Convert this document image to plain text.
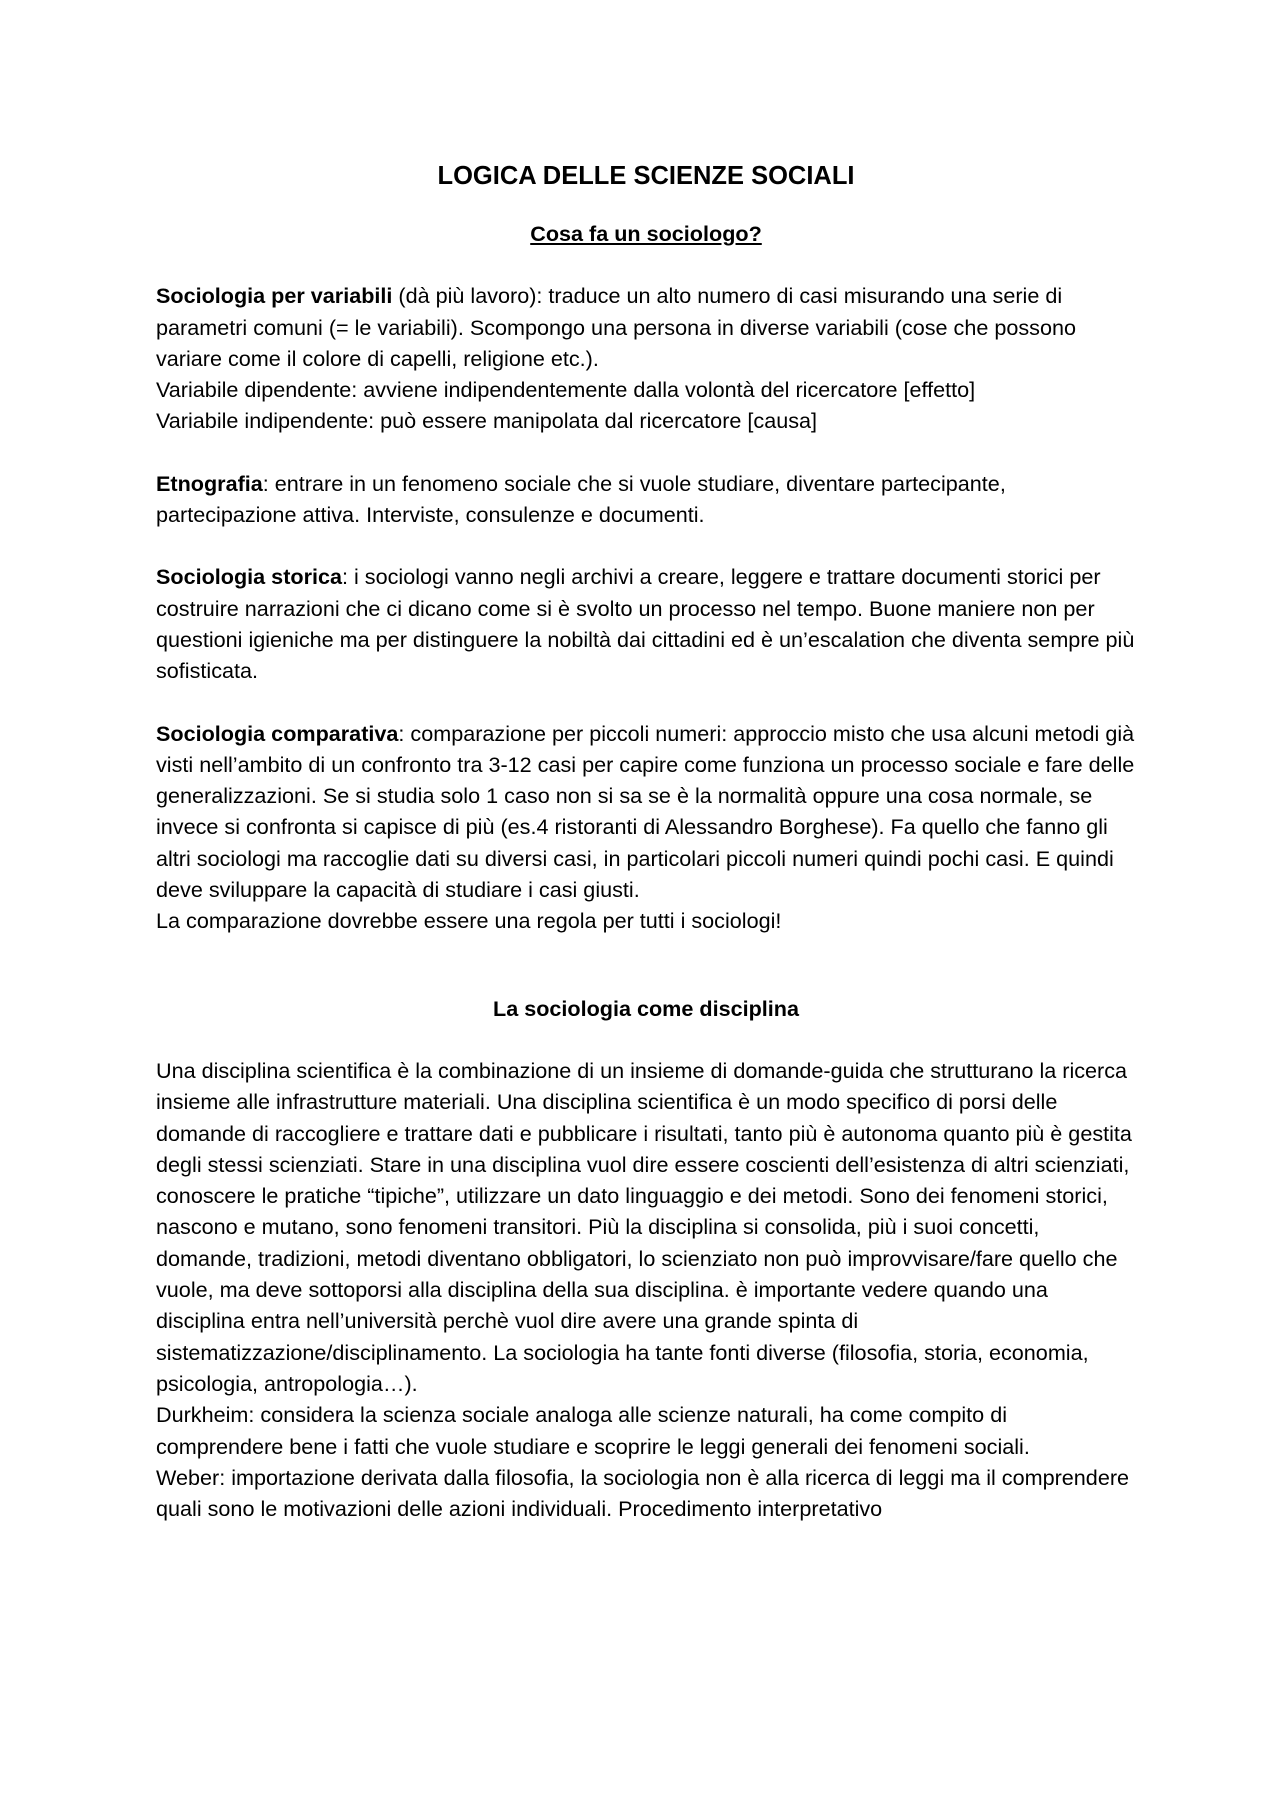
LOGICA DELLE SCIENZE SOCIALI
Cosa fa un sociologo?

Sociologia per variabili (dà più lavoro): traduce un alto numero di casi misurando una serie di parametri comuni (= le variabili). Scompongo una persona in diverse variabili (cose che possono variare come il colore di capelli, religione etc.).

Variabile dipendente: avviene indipendentemente dalla volontà del ricercatore [effetto]

Variabile indipendente: può essere manipolata dal ricercatore [causa]

Etnografia: entrare in un fenomeno sociale che si vuole studiare, diventare partecipante, partecipazione attiva. Interviste, consulenze e documenti.

Sociologia storica: i sociologi vanno negli archivi a creare, leggere e trattare documenti storici per costruire narrazioni che ci dicano come si è svolto un processo nel tempo. Buone maniere non per questioni igieniche ma per distinguere la nobiltà dai cittadini ed è un’escalation che diventa sempre più sofisticata.

Sociologia comparativa: comparazione per piccoli numeri: approccio misto che usa alcuni metodi già visti nell’ambito di un confronto tra 3-12 casi per capire come funziona un processo sociale e fare delle generalizzazioni. Se si studia solo 1 caso non si sa se è la normalità oppure una cosa normale, se invece si confronta si capisce di più (es.4 ristoranti di Alessandro Borghese). Fa quello che fanno gli altri sociologi ma raccoglie dati su diversi casi, in particolari piccoli numeri quindi pochi casi. E quindi deve sviluppare la capacità di studiare i casi giusti.

La comparazione dovrebbe essere una regola per tutti i sociologi!

La sociologia come disciplina

Una disciplina scientifica è la combinazione di un insieme di domande-guida che strutturano la ricerca insieme alle infrastrutture materiali. Una disciplina scientifica è un modo specifico di porsi delle domande di raccogliere e trattare dati e pubblicare i risultati, tanto più è autonoma quanto più è gestita degli stessi scienziati. Stare in una disciplina vuol dire essere coscienti dell’esistenza di altri scienziati, conoscere le pratiche “tipiche”, utilizzare un dato linguaggio e dei metodi. Sono dei fenomeni storici, nascono e mutano, sono fenomeni transitori. Più la disciplina si consolida, più i suoi concetti, domande, tradizioni, metodi diventano obbligatori, lo scienziato non può improvvisare/fare quello che vuole, ma deve sottoporsi alla disciplina della sua disciplina. è importante vedere quando una disciplina entra nell’università perchè vuol dire avere una grande spinta di sistematizzazione/disciplinamento. La sociologia ha tante fonti diverse (filosofia, storia, economia, psicologia, antropologia…).

Durkheim: considera la scienza sociale analoga alle scienze naturali, ha come compito di comprendere bene i fatti che vuole studiare e scoprire le leggi generali dei fenomeni sociali.

Weber: importazione derivata dalla filosofia, la sociologia non è alla ricerca di leggi ma il comprendere quali sono le motivazioni delle azioni individuali. Procedimento interpretativo
